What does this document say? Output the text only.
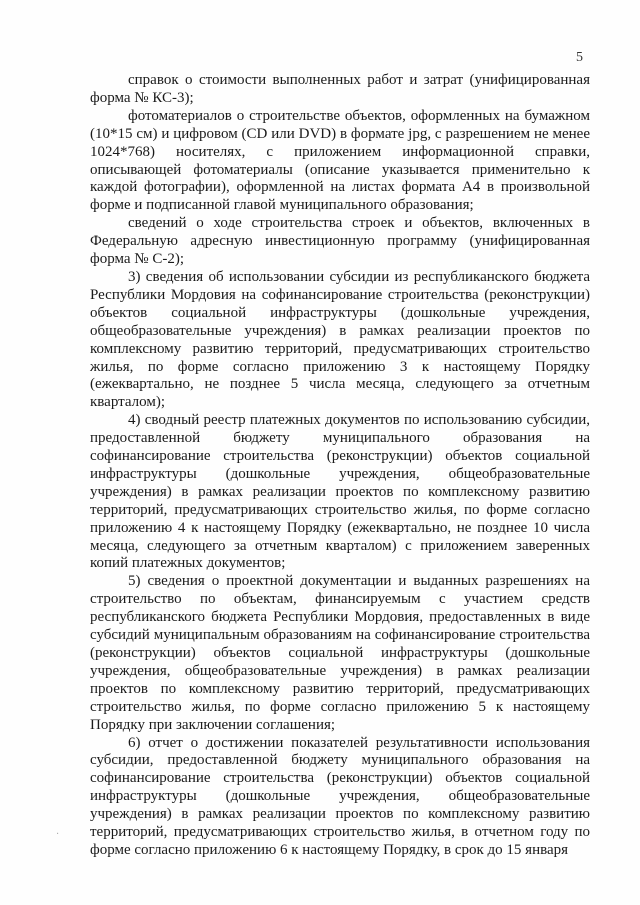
5

справок о стоимости выполненных работ и затрат (унифицированная форма № КС-3);

фотоматериалов о строительстве объектов, оформленных на бумажном (10*15 см) и цифровом (CD или DVD) в формате jpg, с разрешением не менее 1024*768) носителях, с приложением информационной справки, описывающей фотоматериалы (описание указывается применительно к каждой фотографии), оформленной на листах формата А4 в произвольной форме и подписанной главой муниципального образования;

сведений о ходе строительства строек и объектов, включенных в Федеральную адресную инвестиционную программу (унифицированная форма № С-2);

3) сведения об использовании субсидии из республиканского бюджета Республики Мордовия на софинансирование строительства (реконструкции) объектов социальной инфраструктуры (дошкольные учреждения, общеобразовательные учреждения) в рамках реализации проектов по комплексному развитию территорий, предусматривающих строительство жилья, по форме согласно приложению 3 к настоящему Порядку (ежеквартально, не позднее 5 числа месяца, следующего за отчетным кварталом);

4) сводный реестр платежных документов по использованию субсидии, предоставленной бюджету муниципального образования на софинансирование строительства (реконструкции) объектов социальной инфраструктуры (дошкольные учреждения, общеобразовательные учреждения) в рамках реализации проектов по комплексному развитию территорий, предусматривающих строительство жилья, по форме согласно приложению 4 к настоящему Порядку (ежеквартально, не позднее 10 числа месяца, следующего за отчетным кварталом) с приложением заверенных копий платежных документов;

5) сведения о проектной документации и выданных разрешениях на строительство по объектам, финансируемым с участием средств республиканского бюджета Республики Мордовия, предоставленных в виде субсидий муниципальным образованиям на софинансирование строительства (реконструкции) объектов социальной инфраструктуры (дошкольные учреждения, общеобразовательные учреждения) в рамках реализации проектов по комплексному развитию территорий, предусматривающих строительство жилья, по форме согласно приложению 5 к настоящему Порядку при заключении соглашения;

6) отчет о достижении показателей результативности использования субсидии, предоставленной бюджету муниципального образования на софинансирование строительства (реконструкции) объектов социальной инфраструктуры (дошкольные учреждения, общеобразовательные учреждения) в рамках реализации проектов по комплексному развитию территорий, предусматривающих строительство жилья, в отчетном году по форме согласно приложению 6 к настоящему Порядку, в срок до 15 января

·
